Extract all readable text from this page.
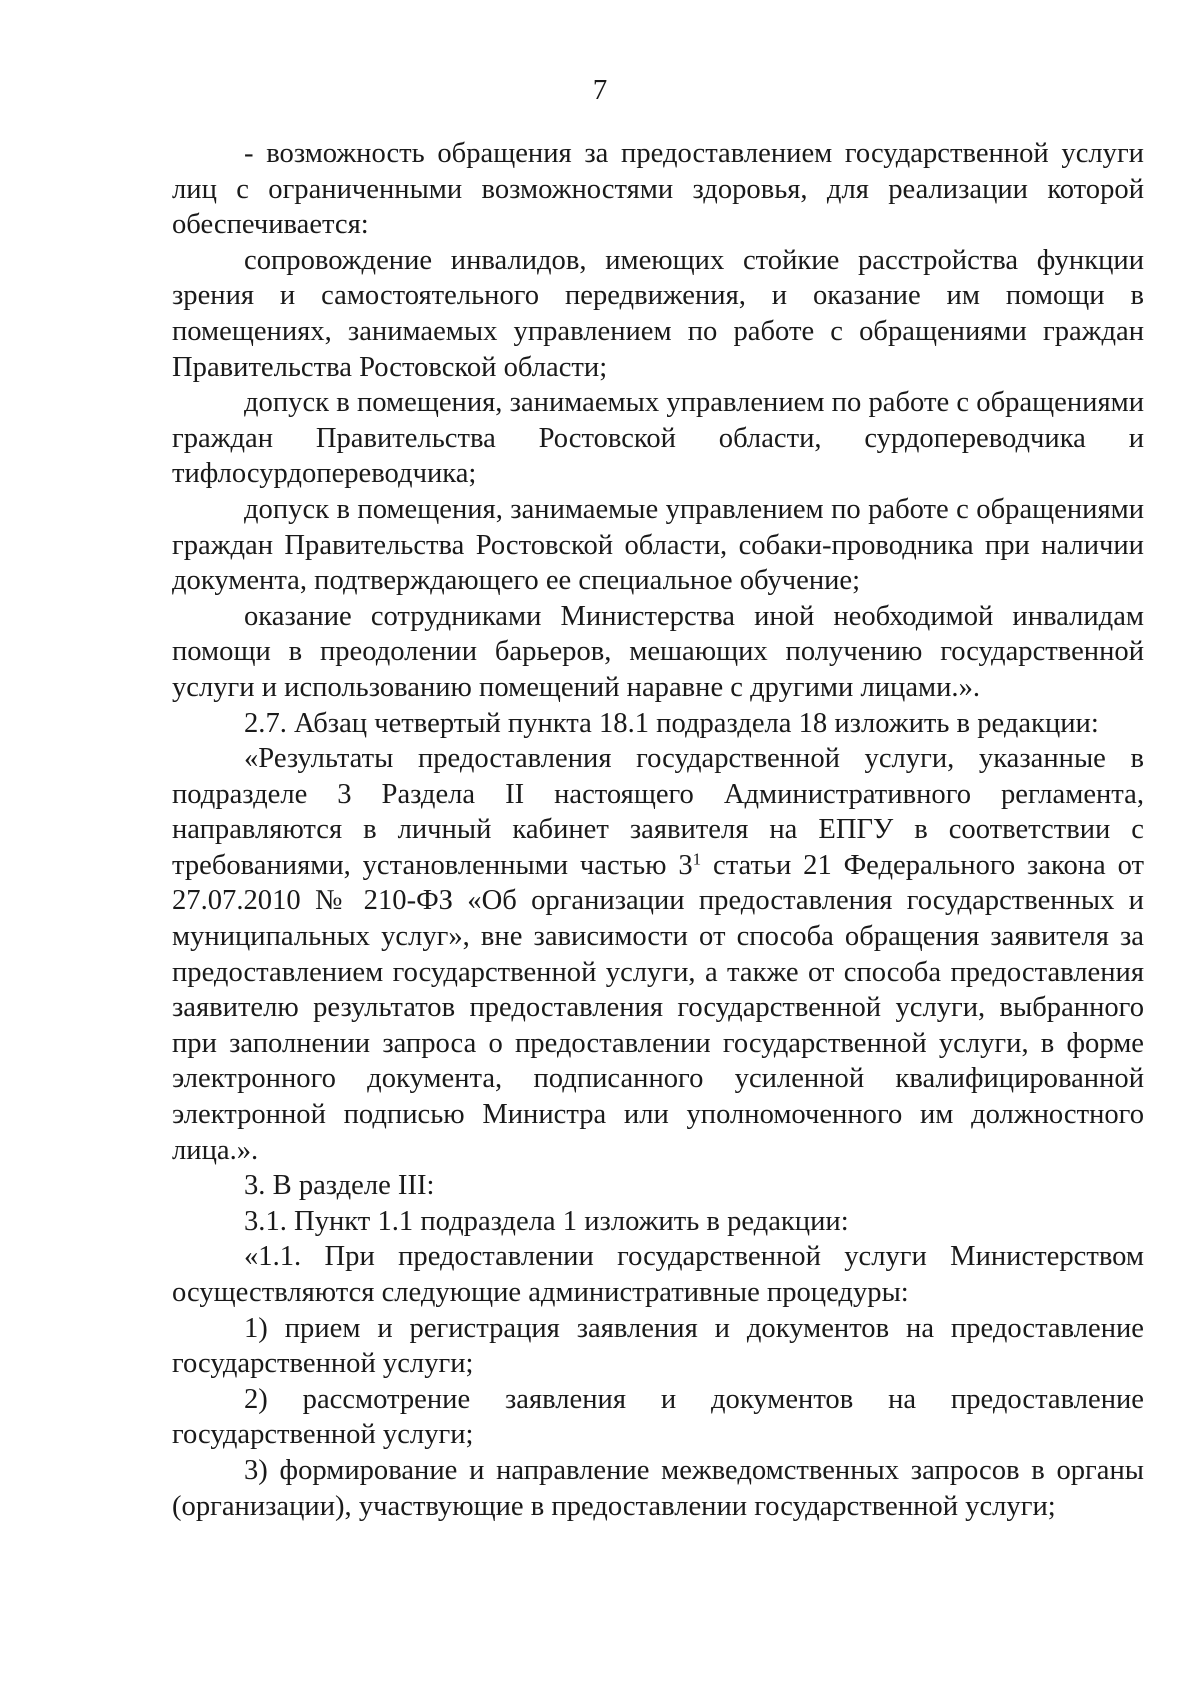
7

- возможность обращения за предоставлением государственной услуги лиц с ограниченными возможностями здоровья, для реализации которой обеспечивается:

сопровождение инвалидов, имеющих стойкие расстройства функции зрения и самостоятельного передвижения, и оказание им помощи в помещениях, занимаемых управлением по работе с обращениями граждан Правительства Ростовской области;

допуск в помещения, занимаемых управлением по работе с обращениями граждан Правительства Ростовской области, сурдопереводчика и тифлосурдопереводчика;

допуск в помещения, занимаемые управлением по работе с обращениями граждан Правительства Ростовской области, собаки-проводника при наличии документа, подтверждающего ее специальное обучение;

оказание сотрудниками Министерства иной необходимой инвалидам помощи в преодолении барьеров, мешающих получению государственной услуги и использованию помещений наравне с другими лицами.».

2.7. Абзац четвертый пункта 18.1 подраздела 18 изложить в редакции:

«Результаты предоставления государственной услуги, указанные в подразделе 3 Раздела II настоящего Административного регламента, направляются в личный кабинет заявителя на ЕПГУ в соответствии с требованиями, установленными частью $3^1$ статьи 21 Федерального закона от 27.07.2010 № 210-ФЗ «Об организации предоставления государственных и муниципальных услуг», вне зависимости от способа обращения заявителя за предоставлением государственной услуги, а также от способа предоставления заявителю результатов предоставления государственной услуги, выбранного при заполнении запроса о предоставлении государственной услуги, в форме электронного документа, подписанного усиленной квалифицированной электронной подписью Министра или уполномоченного им должностного лица.».

3. В разделе III:

3.1. Пункт 1.1 подраздела 1 изложить в редакции:

«1.1. При предоставлении государственной услуги Министерством осуществляются следующие административные процедуры:

1) прием и регистрация заявления и документов на предоставление государственной услуги;

2) рассмотрение заявления и документов на предоставление государственной услуги;

3) формирование и направление межведомственных запросов в органы (организации), участвующие в предоставлении государственной услуги;
